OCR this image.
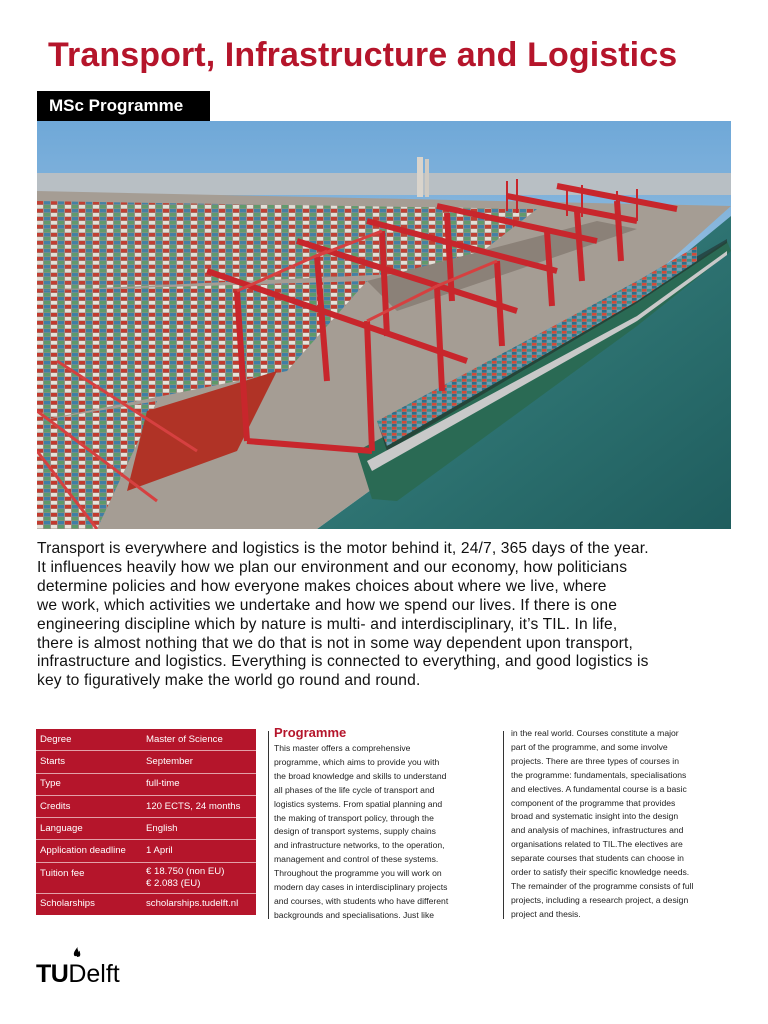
Transport, Infrastructure and Logistics
MSc Programme

Transport is everywhere and logistics is the motor behind it, 24/7, 365 days of the year.
It influences heavily how we plan our environment and our economy, how politicians
determine policies and how everyone makes choices about where we live, where
we work, which activities we undertake and how we spend our lives. If there is one
engineering discipline which by nature is multi- and interdisciplinary, it’s TIL. In life,
there is almost nothing that we do that is not in some way dependent upon transport,
infrastructure and logistics. Everything is connected to everything, and good logistics is
key to figuratively make the world go round and round.

Degree	Master of Science
Starts	September
Type	full-time
Credits	120 ECTS, 24 months
Language	English
Application deadline	1 April
Tuition fee	€ 18.750 (non EU)
€ 2.083 (EU)

Scholarships	scholarships.tudelft.nl
Programme
This master offers a comprehensive
programme, which aims to provide you with
the broad knowledge and skills to understand
all phases of the life cycle of transport and
logistics systems. From spatial planning and
the making of transport policy, through the
design of transport systems, supply chains
and infrastructure networks, to the operation,
management and control of these systems.
Throughout the programme you will work on
modern day cases in interdisciplinary projects
and courses, with students who have different
backgrounds and specialisations. Just like
in the real world. Courses constitute a major
part of the programme, and some involve
projects. There are three types of courses in
the programme: fundamentals, specialisations
and electives. A fundamental course is a basic
component of the programme that provides
broad and systematic insight into the design
and analysis of machines, infrastructures and
organisations related to TIL.The electives are
separate courses that students can choose in
order to satisfy their specific knowledge needs.
The remainder of the programme consists of full
projects, including a research project, a design
project and thesis.
TUDelft
